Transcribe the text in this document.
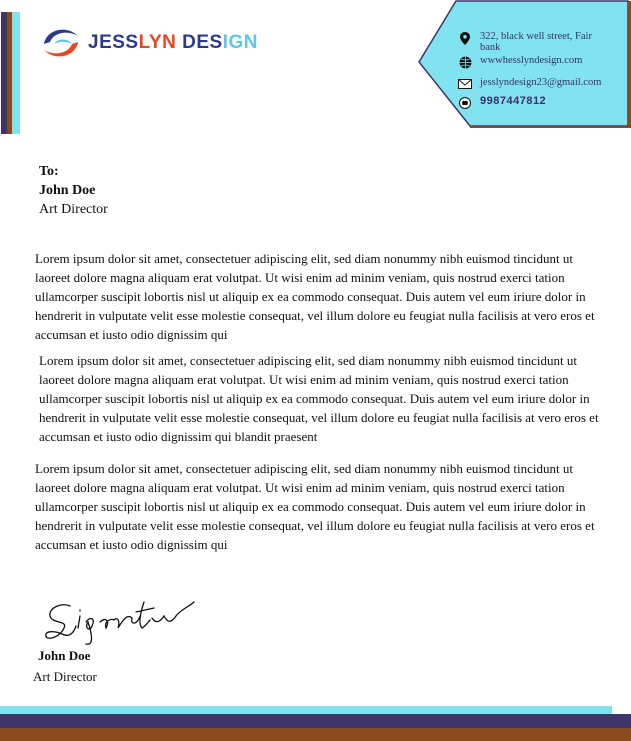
JESSLYN DESIGN	322, black well street, Fair bank
wwwhesslyndesign.com
jesslyndesign23@gmail.com
9987447812
To:
John Doe
Art Director

Lorem ipsum dolor sit amet, consectetuer adipiscing elit, sed diam nonummy nibh euismod tincidunt ut laoreet dolore magna aliquam erat volutpat. Ut wisi enim ad minim veniam, quis nostrud exerci tation ullamcorper suscipit lobortis nisl ut aliquip ex ea commodo consequat. Duis autem vel eum iriure dolor in hendrerit in vulputate velit esse molestie consequat, vel illum dolore eu feugiat nulla facilisis at vero eros et accumsan et iusto odio dignissim qui

Lorem ipsum dolor sit amet, consectetuer adipiscing elit, sed diam nonummy nibh euismod tincidunt ut laoreet dolore magna aliquam erat volutpat. Ut wisi enim ad minim veniam, quis nostrud exerci tation ullamcorper suscipit lobortis nisl ut aliquip ex ea commodo consequat. Duis autem vel eum iriure dolor in hendrerit in vulputate velit esse molestie consequat, vel illum dolore eu feugiat nulla facilisis at vero eros et accumsan et iusto odio dignissim qui blandit praesent

Lorem ipsum dolor sit amet, consectetuer adipiscing elit, sed diam nonummy nibh euismod tincidunt ut laoreet dolore magna aliquam erat volutpat. Ut wisi enim ad minim veniam, quis nostrud exerci tation ullamcorper suscipit lobortis nisl ut aliquip ex ea commodo consequat. Duis autem vel eum iriure dolor in hendrerit in vulputate velit esse molestie consequat, vel illum dolore eu feugiat nulla facilisis at vero eros et accumsan et iusto odio dignissim qui

John Doe
Art Director
